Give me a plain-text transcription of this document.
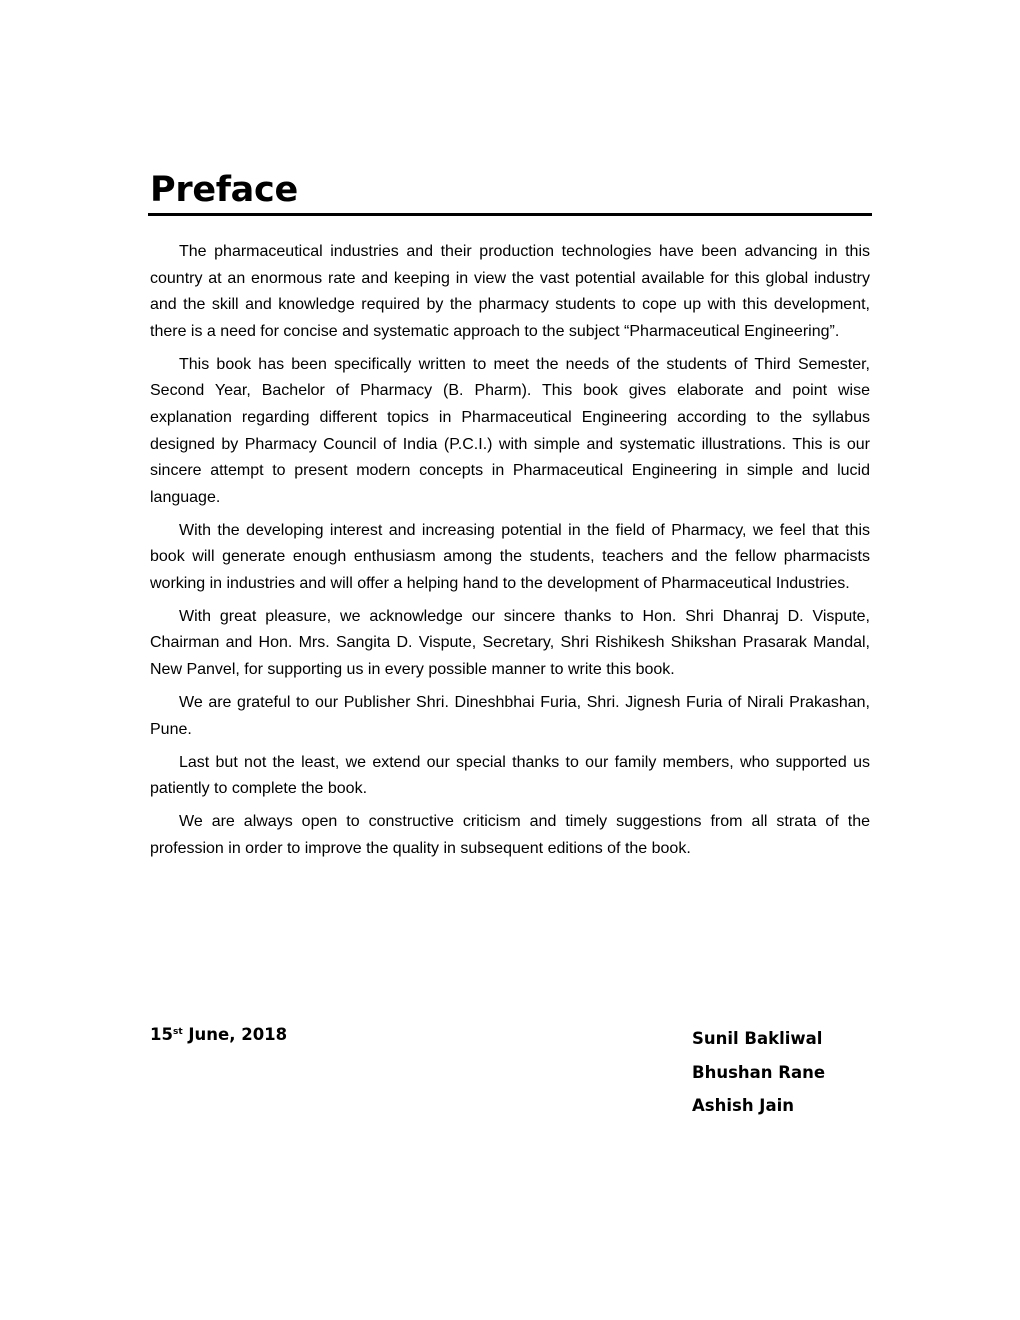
Preface

The pharmaceutical industries and their production technologies have been advancing in this country at an enormous rate and keeping in view the vast potential available for this global industry and the skill and knowledge required by the pharmacy students to cope up with this development, there is a need for concise and systematic approach to the subject “Pharmaceutical Engineering”.

This book has been specifically written to meet the needs of the students of Third Semester, Second Year, Bachelor of Pharmacy (B. Pharm). This book gives elaborate and point wise explanation regarding different topics in Pharmaceutical Engineering according to the syllabus designed by Pharmacy Council of India (P.C.I.) with simple and systematic illustrations. This is our sincere attempt to present modern concepts in Pharmaceutical Engineering in simple and lucid language.

With the developing interest and increasing potential in the field of Pharmacy, we feel that this book will generate enough enthusiasm among the students, teachers and the fellow pharmacists working in industries and will offer a helping hand to the development of Pharmaceutical Industries.

With great pleasure, we acknowledge our sincere thanks to Hon. Shri Dhanraj D. Vispute, Chairman and Hon. Mrs. Sangita D. Vispute, Secretary, Shri Rishikesh Shikshan Prasarak Mandal, New Panvel, for supporting us in every possible manner to write this book.

We are grateful to our Publisher Shri. Dineshbhai Furia, Shri. Jignesh Furia of Nirali Prakashan, Pune.

Last but not the least, we extend our special thanks to our family members, who supported us patiently to complete the book.

We are always open to constructive criticism and timely suggestions from all strata of the profession in order to improve the quality in subsequent editions of the book.

15st June, 2018	Sunil Bakliwal
Bhushan Rane
Ashish Jain
